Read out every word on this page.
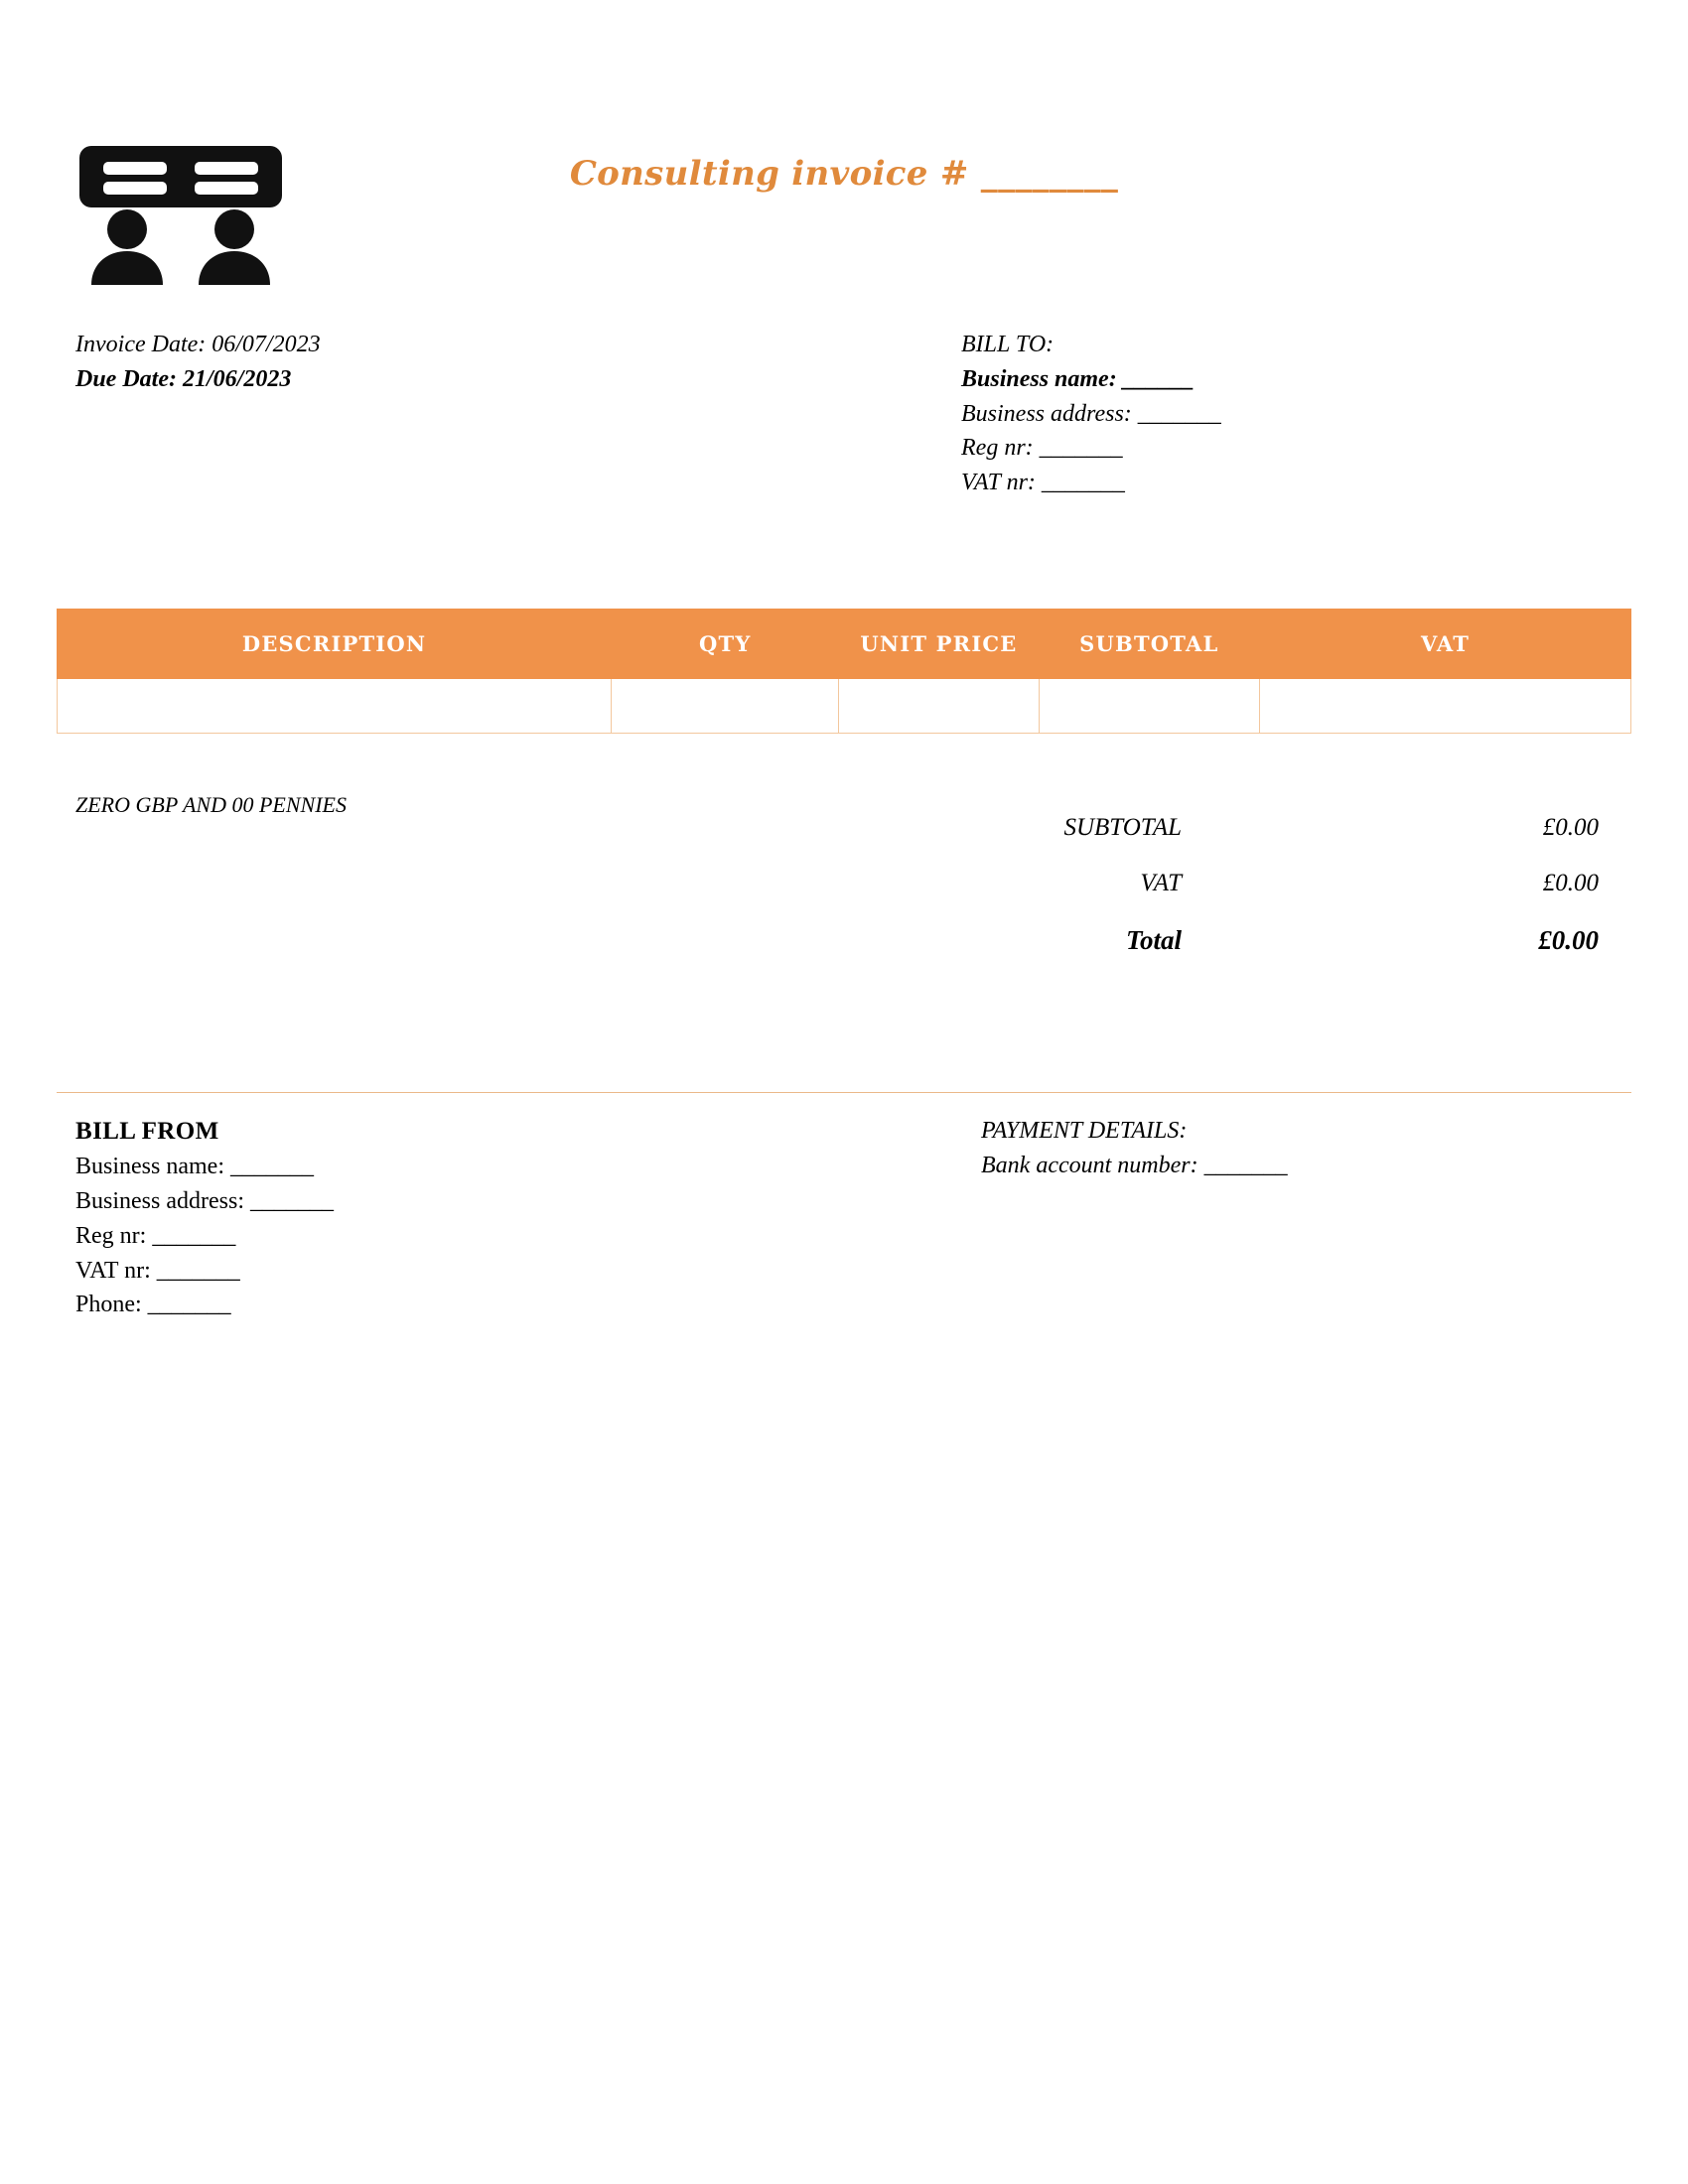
Consulting invoice # ________
Invoice Date: 06/07/2023
Due Date: 21/06/2023
BILL TO:
Business name: ______
Business address: _______
Reg nr: _______
VAT nr: _______
DESCRIPTION	QTY	UNIT PRICE	SUBTOTAL	VAT

ZERO GBP AND 00 PENNIES
SUBTOTAL	£0.00
VAT	£0.00
Total	£0.00
BILL FROM
Business name: _______
Business address: _______
Reg nr: _______
VAT nr: _______
Phone: _______
PAYMENT DETAILS:
Bank account number: _______
